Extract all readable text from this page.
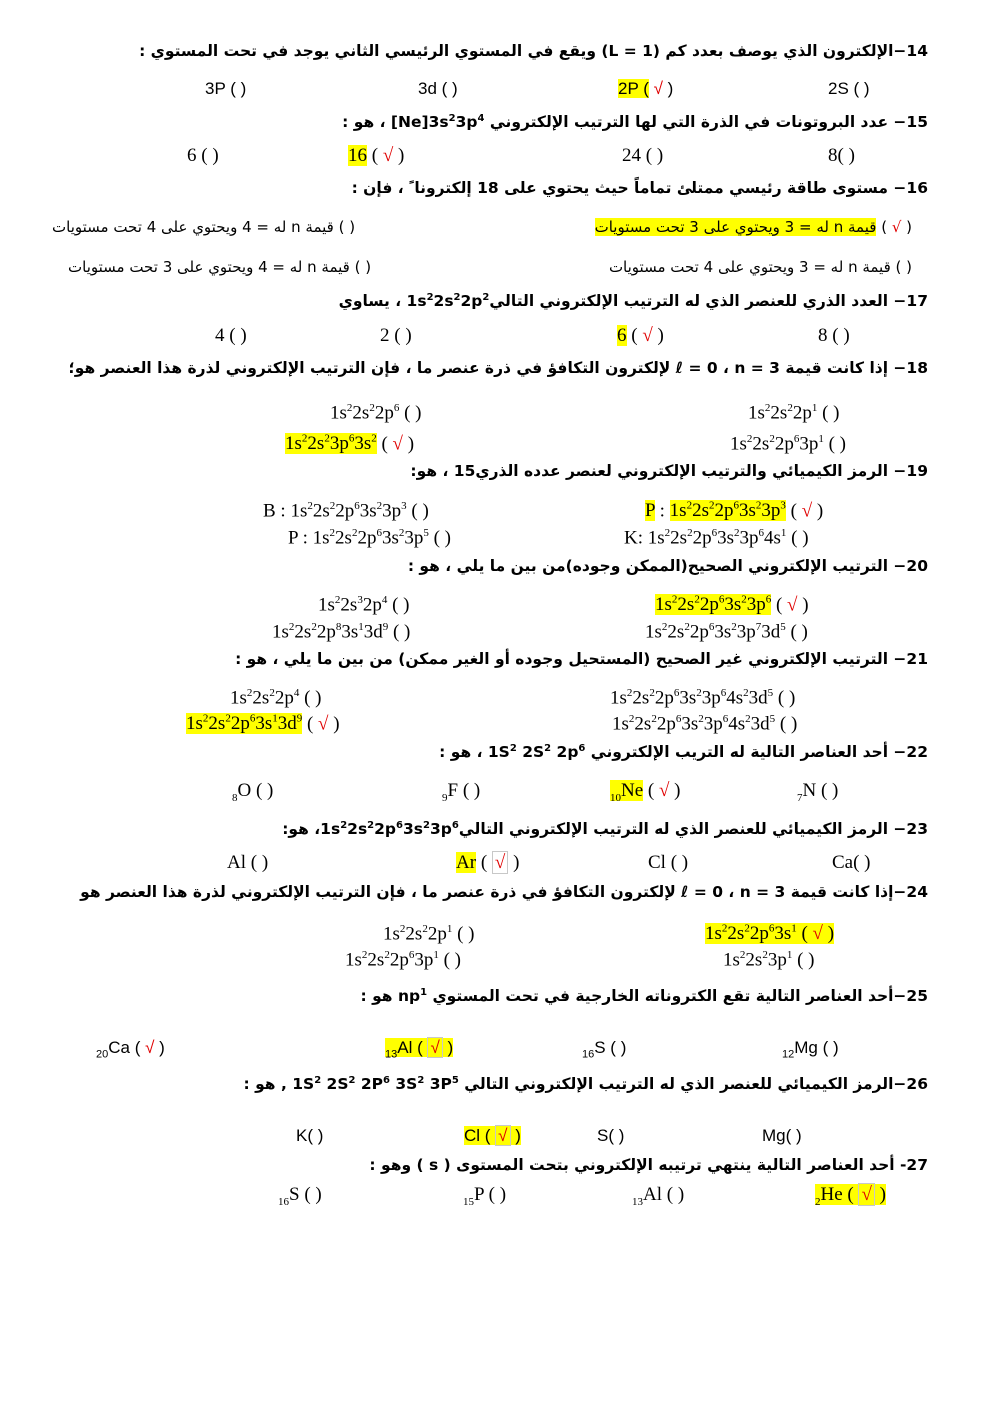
14−الإلكترون الذي يوصف بعدد كم (L = 1) ويقع في المستوي الرئيسي الثاني يوجد في تحت المستوي :
15− عدد البروتونات في الذرة التي لها الترتيب الإلكتروني $[Ne]3s^23p^4$ ، هو :
16− مستوى طاقة رئيسي ممتلئ تماماً حيث يحتوي على 18 إلكترونا ً ، فإن :
17− العدد الذري للعنصر الذي له الترتيب الإلكتروني $التالي1s^22s^22p^2$ ، يساوي
18− إذا كانت قيمة n = 3 ، ℓ = 0 لإلكترون التكافؤ في ذرة عنصر ما ، فإن الترتيب الإلكتروني لذرة هذا العنصر هو؛
19− الرمز الكيميائي والترتيب الإلكتروني لعنصر عدده الذري15 ، هو:
20− الترتيب الإلكتروني الصحيح(الممكن وجوده)من بين ما يلي ، هو :
21− الترتيب الإلكتروني غير الصحيح (المستحيل وجوده أو الغير ممكن) من بين ما يلي ، هو :
22− أحد العناصر التالية له التريب الإلكتروني $1S^2$ $2S^2$ $2p^6$ ، هو :
23− الرمز الكيميائي للعنصر الذي له الترتيب الإلكتروني $التالي1s^22s^22p^63s^23p^6،$ هو:
24−إذا كانت قيمة n = 3 ، ℓ = 0 لإلكترون التكافؤ في ذرة عنصر ما ، فإن الترتيب الإلكتروني لذرة هذا العنصر هو
25−أحد العناصر التالية تقع الكتروناته الخارجية في تحت المستوي $np^1$ هو :
26−الرمز الكيميائي للعنصر الذي له الترتيب الإلكتروني التالي $1S^2$ $2S^2$ $2P^6$ $3S^2$ $3P^5$ , هو :
27- أحد العناصر التالية ينتهي ترتيبه الإلكتروني بتحت المستوى ( s ) وهو :
3P ( )	3d ( )	2P ( √ )	2S ( )
6 ( )	16 ( √ )	24 ( )	8( )
( √ ) قيمة n له = 3 ويحتوي على 3 تحت مستويات
( ) قيمة n له = 4 ويحتوي على 4 تحت مستويات
( ) قيمة n له = 3 ويحتوي على 4 تحت مستويات
( ) قيمة n له = 4 ويحتوي على 3 تحت مستويات
4 ( )	2 ( )	6 ( √ )	8 ( )
$1s^22s^22p^6$ ( )	$1s^22s^22p^1$ ( )
$1s^22s^23p^63s^2$ ( √ )	$1s^22s^22p^63p^1$ ( )
B : $1s^22s^22p^63s^23p^3$ ( )	P : $1s^22s^22p^63s^23p^3$ ( √ )
P : $1s^22s^22p^63s^23p^5$ ( )	K: $1s^22s^22p^63s^23p^64s^1$ ( )
$1s^22s^32p^4$ ( )	$1s^22s^22p^63s^23p^6$ ( √ )
$1s^22s^22p^83s^13d^9$ ( )	$1s^22s^22p^63s^23p^73d^5$ ( )
$1s^22s^22p^4$ ( )	$1s^22s^22p^63s^23p^64s^23d^5$ ( )
$1s^22s^22p^63s^13d^9$ ( √ )	$1s^22s^22p^63s^23p^64s^23d^5$ ( )
$_8$O ( )	$_9$F ( )	$_{10}$Ne ( √ )	$_7$N ( )
Al ( )	Ar ( √ )	Cl ( )	Ca( )
$1s^22s^22p^1$ ( )	$1s^22s^22p^63s^1$ ( √ )
$1s^22s^22p^63p^1$ ( )	$1s^22s^23p^1$ ( )
$_{20}$Ca ( √ )	$_{13}$Al ( √ )	$_{16}$S ( )	$_{12}$Mg ( )
K( )	Cl ( √ )	S( )	Mg( )
$_{16}$S ( )	$_{15}$P ( )	$_{13}$Al ( )	$_2$He ( √ )
